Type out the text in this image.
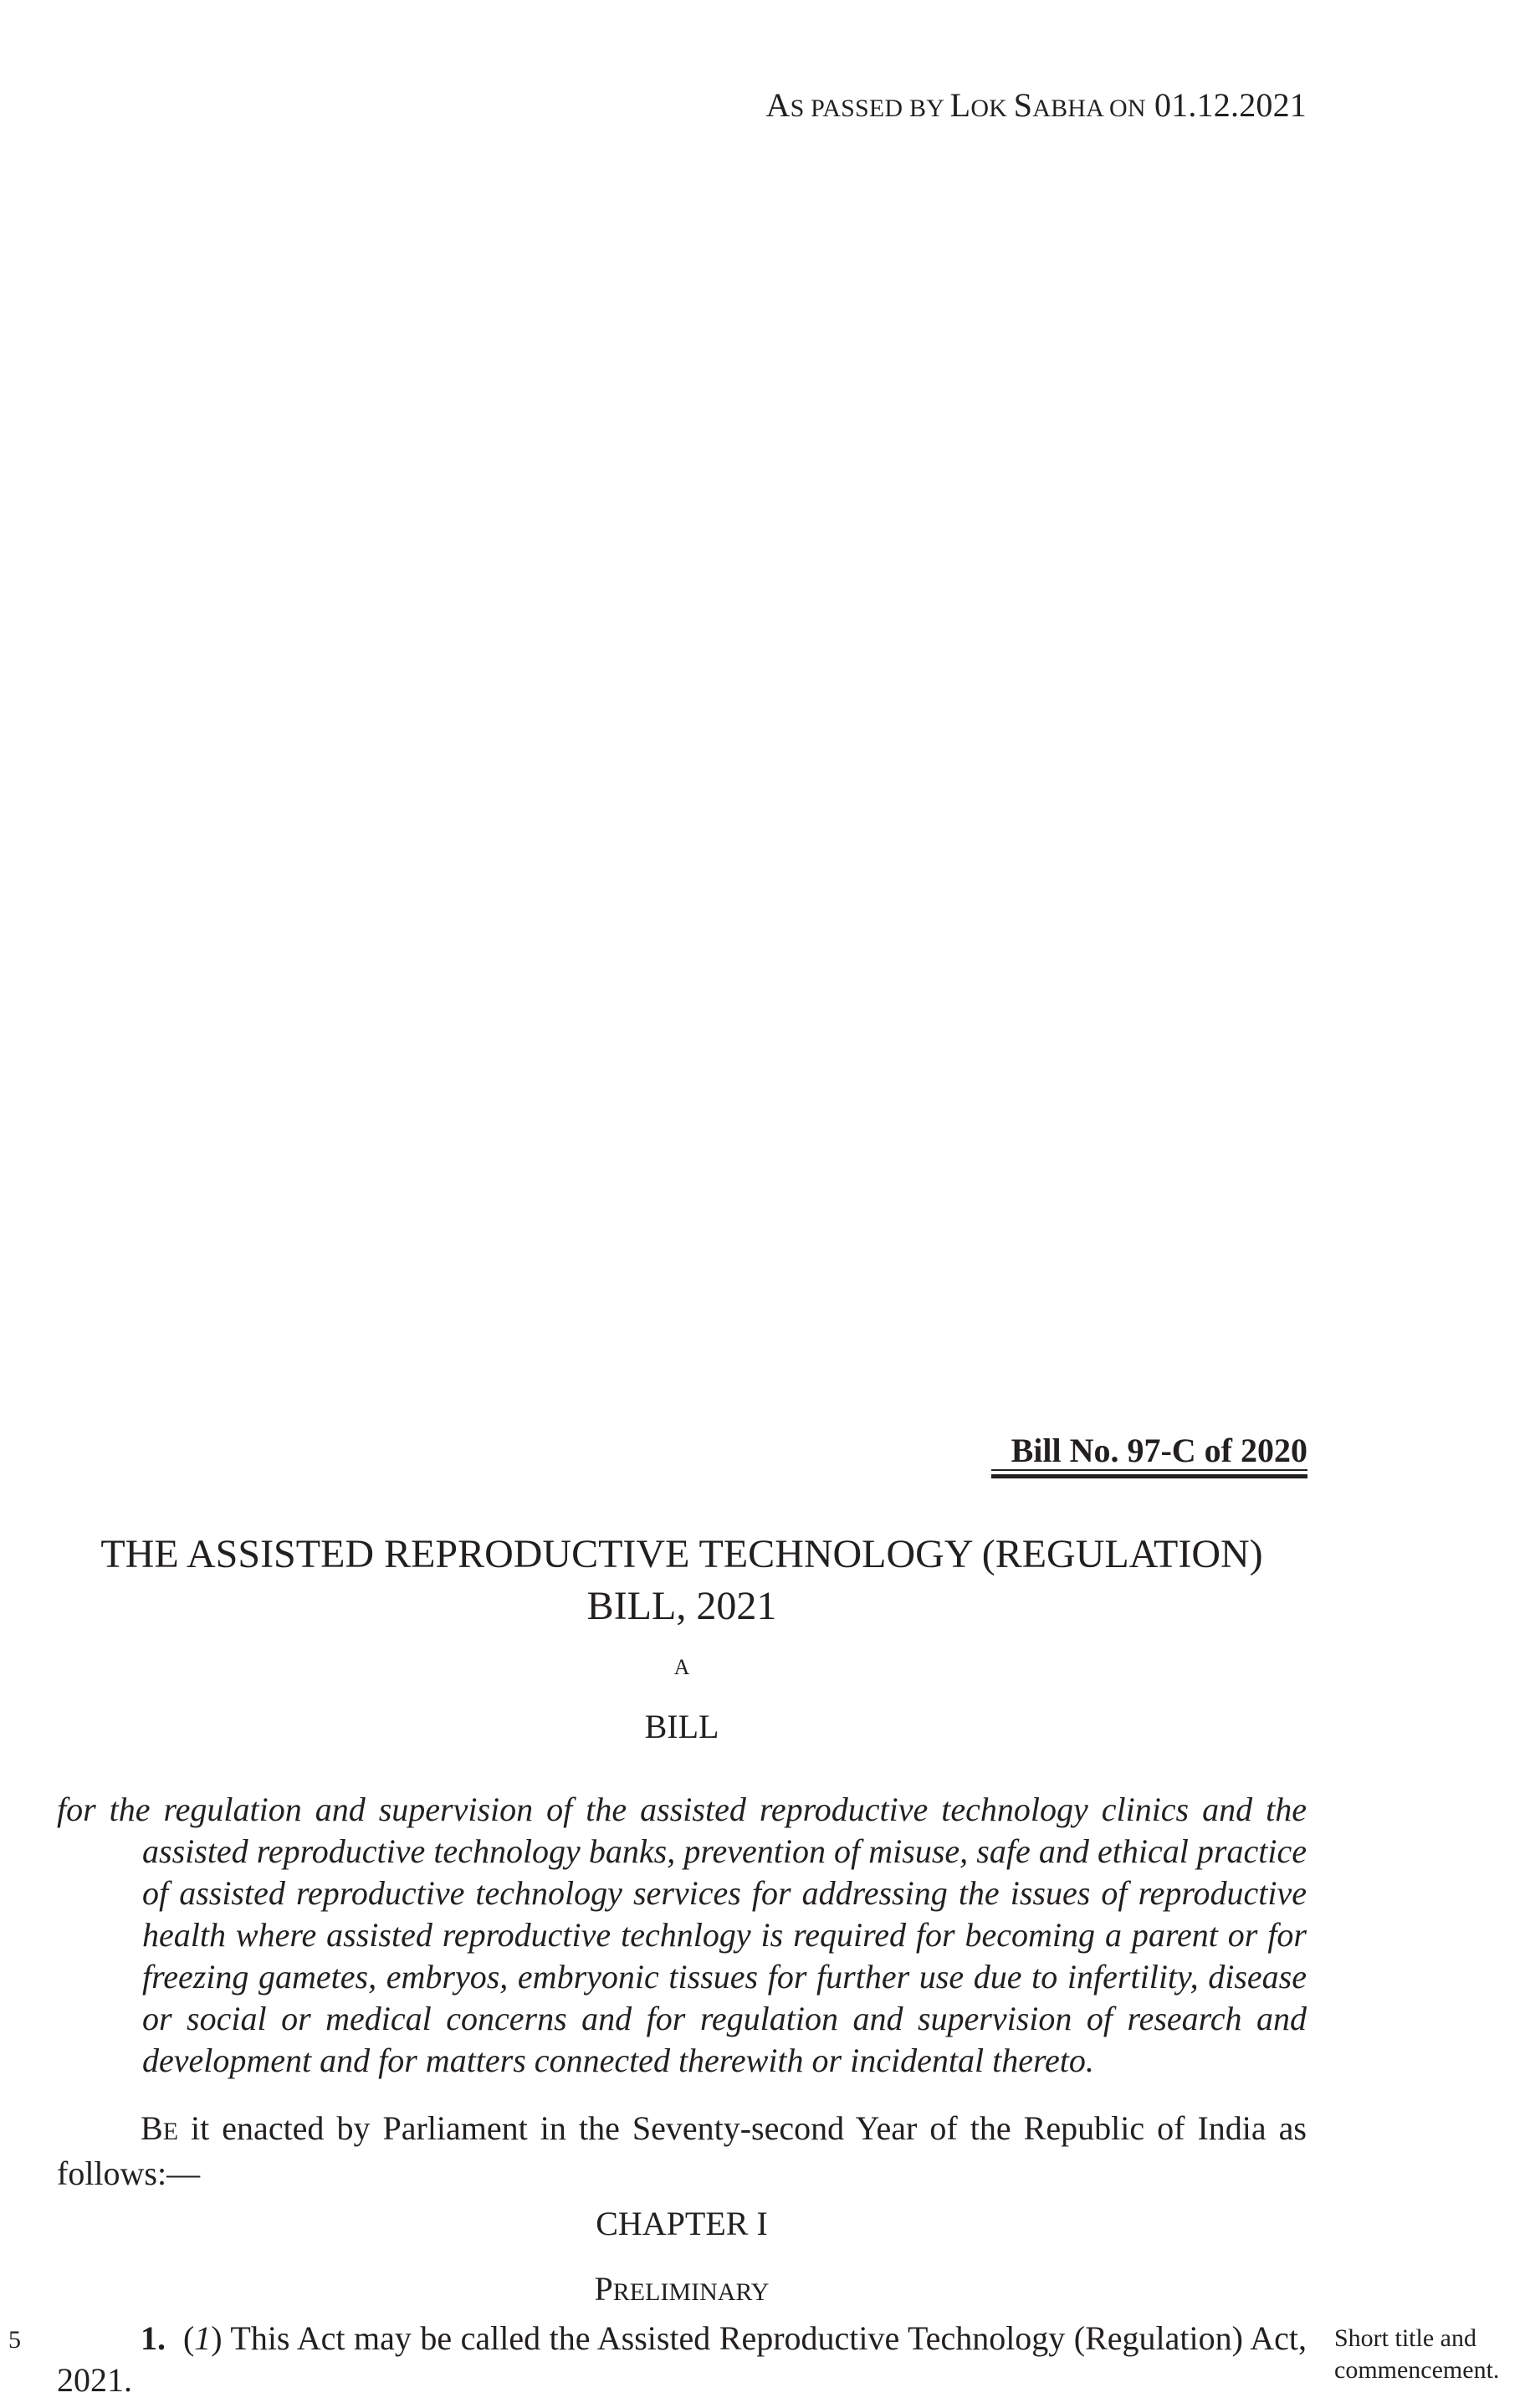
AS PASSED BY LOK SABHA ON 01.12.2021
Bill No. 97-C of 2020
THE ASSISTED REPRODUCTIVE TECHNOLOGY (REGULATION)
BILL, 2021
A
BILL
for the regulation and supervision of the assisted reproductive technology clinics and the assisted reproductive technology banks, prevention of misuse, safe and ethical practice of assisted reproductive technology services for addressing the issues of reproductive health where assisted reproductive technlogy is required for becoming a parent or for freezing gametes, embryos, embryonic tissues for further use due to infertility, disease or social or medical concerns and for regulation and supervision of research and development and for matters connected therewith or incidental thereto.
BE it enacted by Parliament in the Seventy-second Year of the Republic of India as follows:—
CHAPTER I
PRELIMINARY
5	1.  (1) This Act may be called the Assisted Reproductive Technology (Regulation) Act, 2021.
Short title and
commencement.
